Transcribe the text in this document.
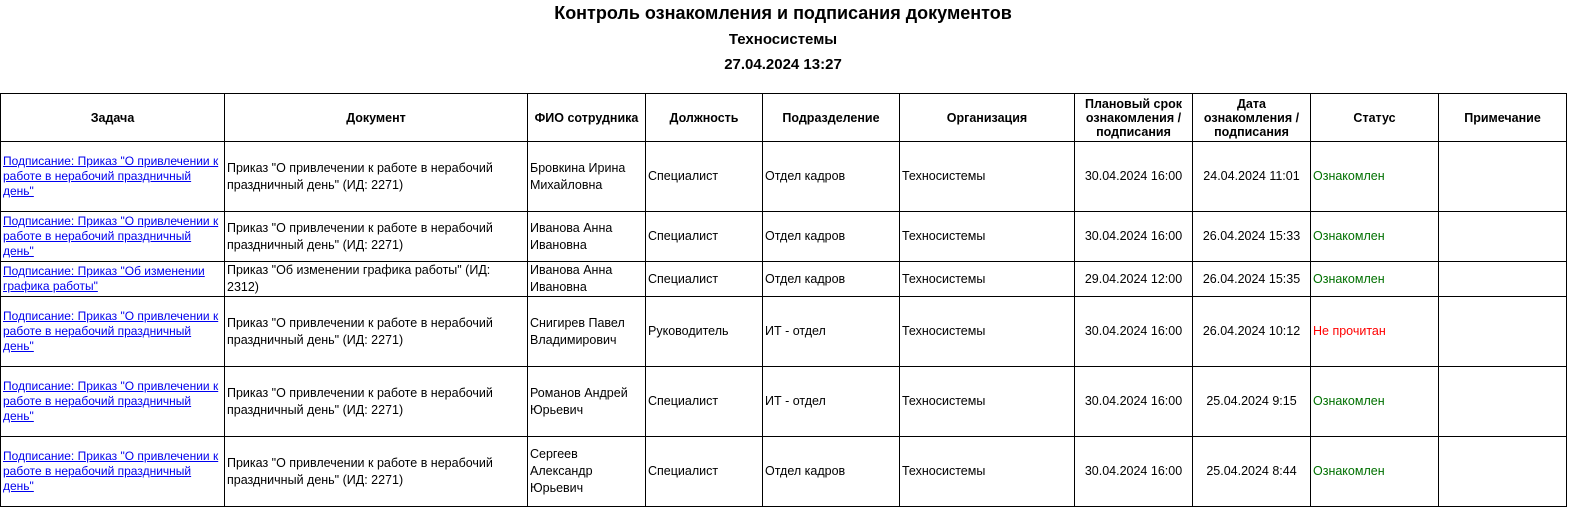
Контроль ознакомления и подписания документов
Техносистемы
27.04.2024 13:27
Задача	Документ	ФИО сотрудника	Должность	Подразделение	Организация	Плановый срок ознакомления / подписания	Дата ознакомления / подписания	Статус	Примечание

Подписание: Приказ "О привлечении к работе в нерабочий праздничный день"	Приказ "О привлечении к работе в нерабочий праздничный день" (ИД: 2271)	Бровкина Ирина Михайловна	Специалист	Отдел кадров	Техносистемы	30.04.2024 16:00	24.04.2024 11:01	Ознакомлен	

Подписание: Приказ "О привлечении к работе в нерабочий праздничный день"	Приказ "О привлечении к работе в нерабочий праздничный день" (ИД: 2271)	Иванова Анна Ивановна	Специалист	Отдел кадров	Техносистемы	30.04.2024 16:00	26.04.2024 15:33	Ознакомлен	

Подписание: Приказ "Об изменении графика работы"	Приказ "Об изменении графика работы" (ИД: 2312)	Иванова Анна Ивановна	Специалист	Отдел кадров	Техносистемы	29.04.2024 12:00	26.04.2024 15:35	Ознакомлен	

Подписание: Приказ "О привлечении к работе в нерабочий праздничный день"	Приказ "О привлечении к работе в нерабочий праздничный день" (ИД: 2271)	Снигирев Павел Владимирович	Руководитель	ИТ - отдел	Техносистемы	30.04.2024 16:00	26.04.2024 10:12	Не прочитан	

Подписание: Приказ "О привлечении к работе в нерабочий праздничный день"	Приказ "О привлечении к работе в нерабочий праздничный день" (ИД: 2271)	Романов Андрей Юрьевич	Специалист	ИТ - отдел	Техносистемы	30.04.2024 16:00	25.04.2024 9:15	Ознакомлен	

Подписание: Приказ "О привлечении к работе в нерабочий праздничный день"	Приказ "О привлечении к работе в нерабочий праздничный день" (ИД: 2271)	Сергеев Александр Юрьевич	Специалист	Отдел кадров	Техносистемы	30.04.2024 16:00	25.04.2024 8:44	Ознакомлен	
